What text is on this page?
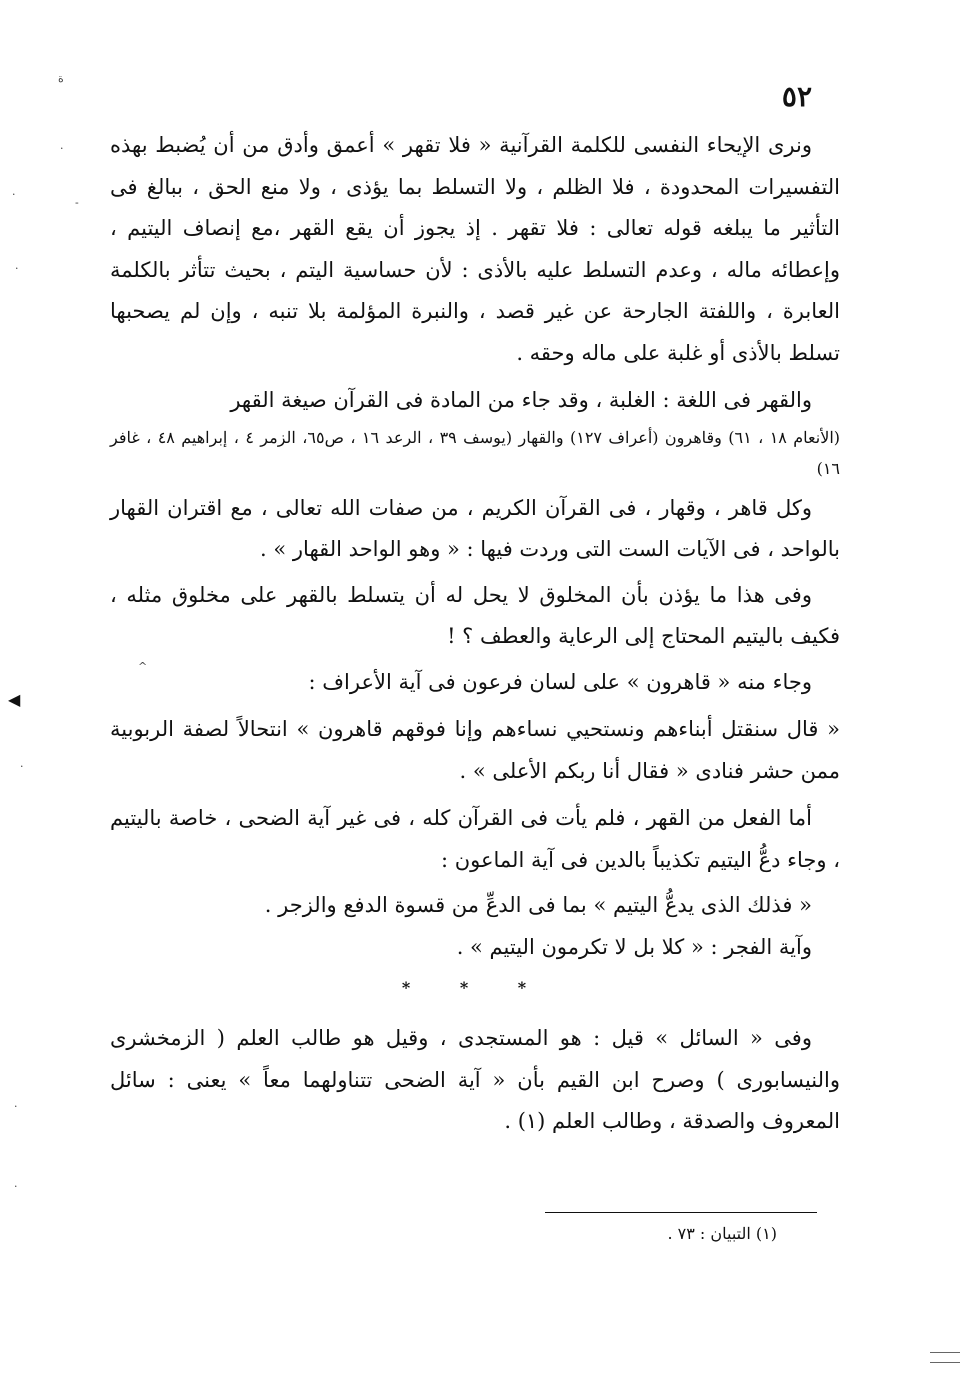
ة
·
·
-
·
◀
·
·
·
^
٥٢

ونرى الإيحاء النفسى للكلمة القرآنية « فلا تقهر » أعمق وأدق من أن يُضبط بهذه التفسيرات المحدودة ، فلا الظلم ، ولا التسلط بما يؤذى ، ولا منع الحق ، ببالغ فى التأثير ما يبلغه قوله تعالى : فلا تقهر . إذ يجوز أن يقع القهر ،مع إنصاف اليتيم ، وإعطائه ماله ، وعدم التسلط عليه بالأذى : لأن حساسية اليتم ، بحيث تتأثر بالكلمة العابرة ، واللفتة الجارحة عن غير قصد ، والنبرة المؤلمة بلا تنبه ، وإن لم يصحبها تسلط بالأذى أو غلبة على ماله وحقه .

والقهر فى اللغة : الغلبة ، وقد جاء من المادة فى القرآن صيغة القهر

(الأنعام ١٨ ، ٦١) وقاهرون (أعراف ١٢٧) والقهار (يوسف ٣٩ ، الرعد ١٦ ، ص٦٥، الزمر ٤ ، إبراهيم ٤٨ ، غافر ١٦)

وكل قاهر ، وقهار ، فى القرآن الكريم ، من صفات الله تعالى ، مع اقتران القهار بالواحد ، فى الآيات الست التى وردت فيها : « وهو الواحد القهار » .

وفى هذا ما يؤذن بأن المخلوق لا يحل له أن يتسلط بالقهر على مخلوق مثله ، فكيف باليتيم المحتاج إلى الرعاية والعطف ؟ !

وجاء منه « قاهرون » على لسان فرعون فى آية الأعراف :

« قال سنقتل أبناءهم ونستحيي نساءهم وإنا فوقهم قاهرون » انتحالاً لصفة الربوبية ممن حشر فنادى « فقال أنا ربكم الأعلى » .

أما الفعل من القهر ، فلم يأت فى القرآن كله ، فى غير آية الضحى ، خاصة باليتيم ، وجاء دعُّ اليتيم تكذيباً بالدين فى آية الماعون :

« فذلك الذى يدعُّ اليتيم » بما فى الدعِّ من قسوة الدفع والزجر .

وآية الفجر : « كلا بل لا تكرمون اليتيم » .

* * *

وفى « السائل » قيل : هو المستجدى ، وقيل هو طالب العلم ( الزمخشرى والنيسابورى ) وصرح ابن القيم بأن « آية الضحى تتناولهما معاً » يعنى : سائل المعروف والصدقة ، وطالب العلم (١) .

(١) التبيان : ٧٣ .
